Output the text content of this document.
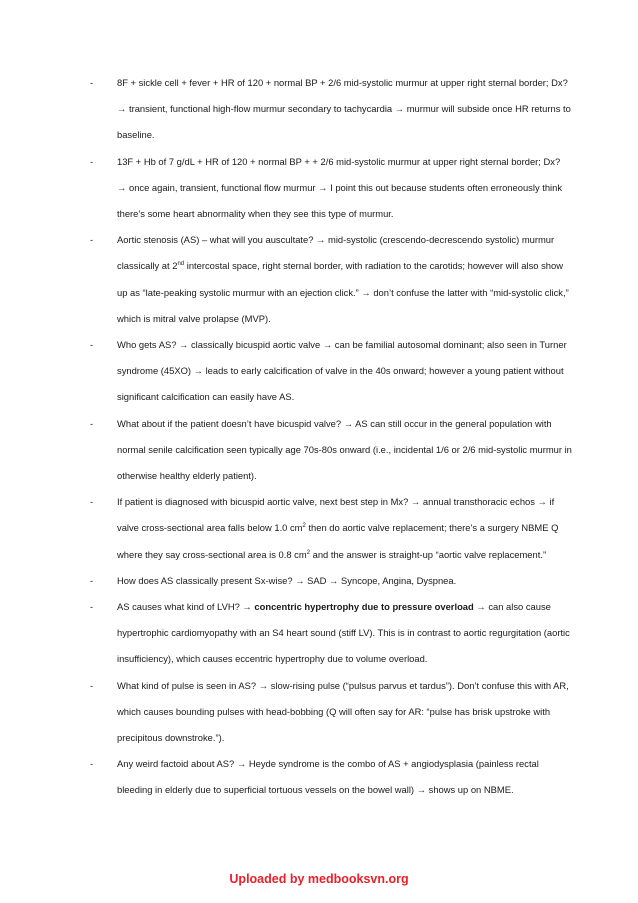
-	8F + sickle cell + fever + HR of 120 + normal BP + 2/6 mid-systolic murmur at upper right sternal border; Dx? → transient, functional high-flow murmur secondary to tachycardia → murmur will subside once HR returns to baseline.
-	13F + Hb of 7 g/dL + HR of 120 + normal BP + + 2/6 mid-systolic murmur at upper right sternal border; Dx? → once again, transient, functional flow murmur → I point this out because students often erroneously think there’s some heart abnormality when they see this type of murmur.
-	Aortic stenosis (AS) – what will you auscultate? → mid-systolic (crescendo-decrescendo systolic) murmur classically at 2nd intercostal space, right sternal border, with radiation to the carotids; however will also show up as “late-peaking systolic murmur with an ejection click.” → don’t confuse the latter with “mid-systolic click,” which is mitral valve prolapse (MVP).
-	Who gets AS? → classically bicuspid aortic valve → can be familial autosomal dominant; also seen in Turner syndrome (45XO) → leads to early calcification of valve in the 40s onward; however a young patient without significant calcification can easily have AS.
-	What about if the patient doesn’t have bicuspid valve? → AS can still occur in the general population with normal senile calcification seen typically age 70s-80s onward (i.e., incidental 1/6 or 2/6 mid-systolic murmur in otherwise healthy elderly patient).
-	If patient is diagnosed with bicuspid aortic valve, next best step in Mx? → annual transthoracic echos → if valve cross-sectional area falls below 1.0 $cm^2$ then do aortic valve replacement; there’s a surgery NBME Q where they say cross-sectional area is 0.8 $cm^2$ and the answer is straight-up “aortic valve replacement.”
-	How does AS classically present Sx-wise? → SAD → Syncope, Angina, Dyspnea.
-	AS causes what kind of LVH? → concentric hypertrophy due to pressure overload → can also cause hypertrophic cardiomyopathy with an S4 heart sound (stiff LV). This is in contrast to aortic regurgitation (aortic insufficiency), which causes eccentric hypertrophy due to volume overload.
-	What kind of pulse is seen in AS? → slow-rising pulse (“pulsus parvus et tardus”). Don’t confuse this with AR, which causes bounding pulses with head-bobbing (Q will often say for AR: “pulse has brisk upstroke with precipitous downstroke.”).
-	Any weird factoid about AS? → Heyde syndrome is the combo of AS + angiodysplasia (painless rectal bleeding in elderly due to superficial tortuous vessels on the bowel wall) → shows up on NBME.
Uploaded by medbooksvn.org
